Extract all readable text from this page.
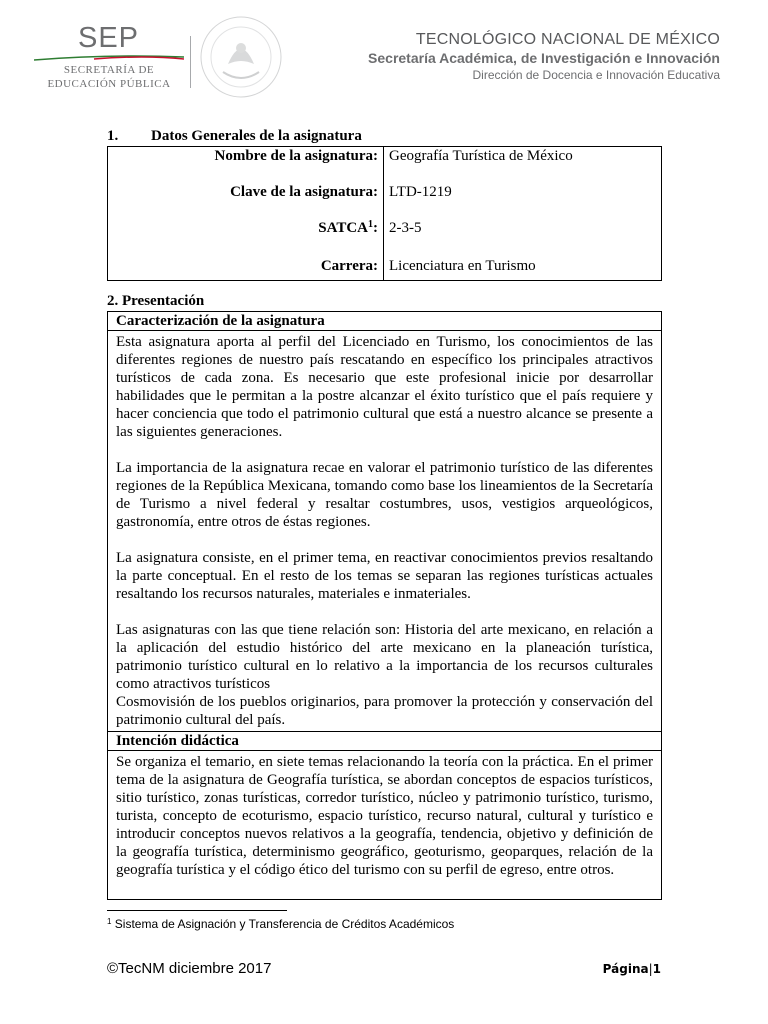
SEP
SECRETARÍA DE
EDUCACIÓN PÚBLICA
TECNOLÓGICO NACIONAL DE MÉXICO
Secretaría Académica, de Investigación e Innovación
Dirección de Docencia e Innovación Educativa
1. Datos Generales de la asignatura
Nombre de la asignatura:	Geografía Turística de México
Clave de la asignatura:	LTD-1219
SATCA$^1$:	2-3-5
Carrera:	Licenciatura en Turismo
2. Presentación
Caracterización de la asignatura

Esta asignatura aporta al perfil del Licenciado en Turismo, los conocimientos de las diferentes regiones de nuestro país rescatando en específico los principales atractivos turísticos de cada zona. Es necesario que este profesional inicie por desarrollar habilidades que le permitan a la postre alcanzar el éxito turístico que el país requiere y hacer conciencia que todo el patrimonio cultural que está a nuestro alcance se presente a las siguientes generaciones.

La importancia de la asignatura recae en valorar el patrimonio turístico de las diferentes regiones de la República Mexicana, tomando como base los lineamientos de la Secretaría de Turismo a nivel federal y resaltar costumbres, usos, vestigios arqueológicos, gastronomía, entre otros de éstas regiones.

La asignatura consiste, en el primer tema, en reactivar conocimientos previos resaltando la parte conceptual. En el resto de los temas se separan las regiones turísticas actuales resaltando los recursos naturales, materiales e inmateriales.

Las asignaturas con las que tiene relación son: Historia del arte mexicano, en relación a la aplicación del estudio histórico del arte mexicano en la planeación turística, patrimonio turístico cultural en lo relativo a la importancia de los recursos culturales como atractivos turísticos

Cosmovisión de los pueblos originarios, para promover la protección y conservación del patrimonio cultural del país.

Intención didáctica
Se organiza el temario, en siete temas relacionando la teoría con la práctica. En el primer tema de la asignatura de Geografía turística, se abordan conceptos de espacios turísticos, sitio turístico, zonas turísticas, corredor turístico, núcleo y patrimonio turístico, turismo, turista, concepto de ecoturismo, espacio turístico, recurso natural, cultural y turístico e introducir conceptos nuevos relativos a la geografía, tendencia, objetivo y definición de la geografía turística, determinismo geográfico, geoturismo, geoparques, relación de la geografía turística y el código ético del turismo con su perfil de egreso, entre otros.
$^1$ Sistema de Asignación y Transferencia de Créditos Académicos
©TecNM diciembre 2017	Página|1
